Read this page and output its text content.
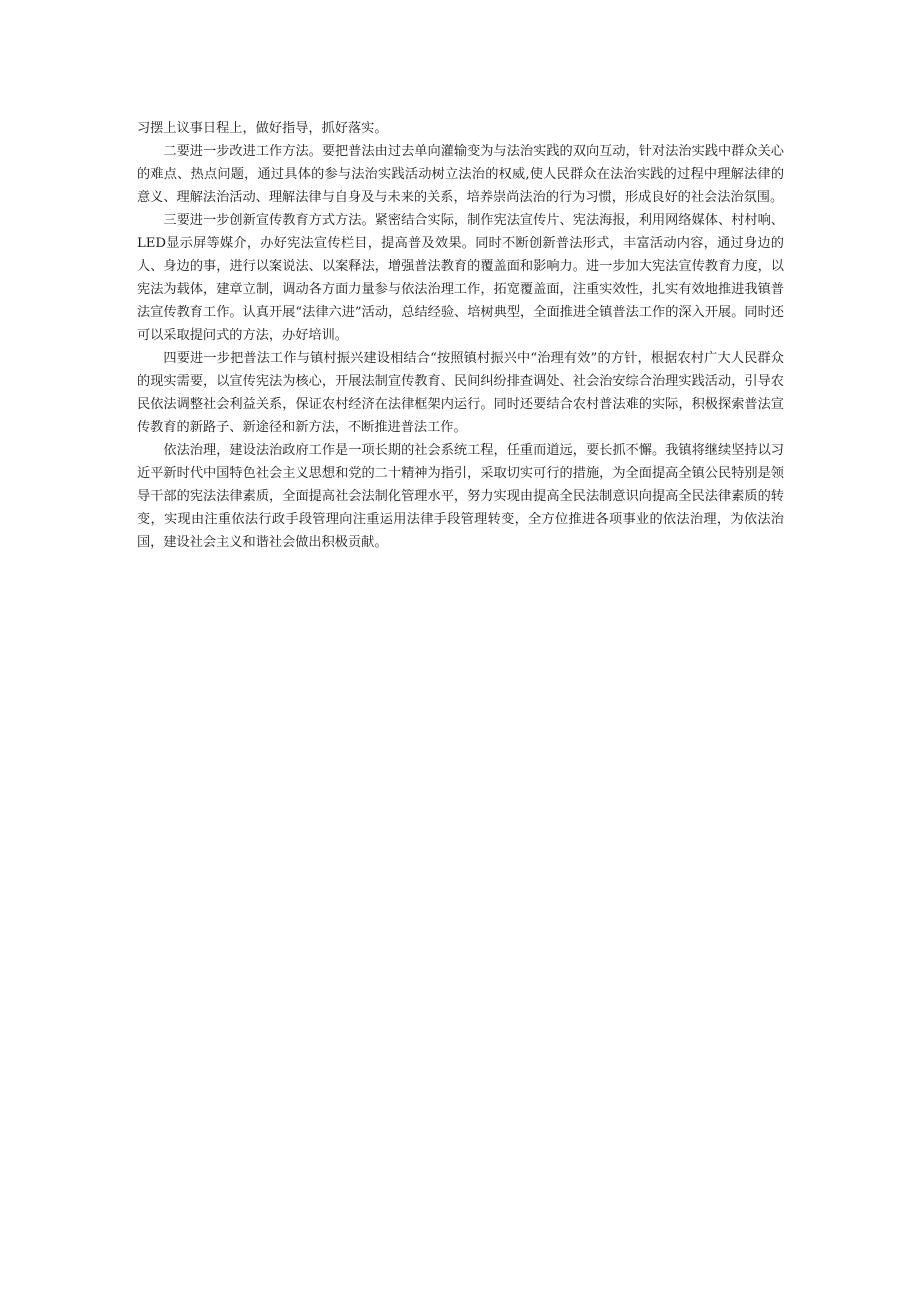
习摆上议事日程上，做好指导，抓好落实。

二要进一步改进工作方法。要把普法由过去单向灌输变为与法治实践的双向互动，针对法治实践中群众关心的难点、热点问题，通过具体的参与法治实践活动树立法治的权威,使人民群众在法治实践的过程中理解法律的意义、理解法治活动、理解法律与自身及与未来的关系，培养崇尚法治的行为习惯，形成良好的社会法治氛围。

三要进一步创新宣传教育方式方法。紧密结合实际，制作宪法宣传片、宪法海报，利用网络媒体、村村响、LED显示屏等媒介，办好宪法宣传栏目，提高普及效果。同时不断创新普法形式，丰富活动内容，通过身边的人、身边的事，进行以案说法、以案释法，增强普法教育的覆盖面和影响力。进一步加大宪法宣传教育力度，以宪法为载体，建章立制，调动各方面力量参与依法治理工作，拓宽覆盖面，注重实效性，扎实有效地推进我镇普法宣传教育工作。认真开展“法律六进”活动，总结经验、培树典型，全面推进全镇普法工作的深入开展。同时还可以采取提问式的方法，办好培训。

四要进一步把普法工作与镇村振兴建设相结合“按照镇村振兴中“治理有效”的方针，根据农村广大人民群众的现实需要，以宣传宪法为核心，开展法制宣传教育、民间纠纷排查调处、社会治安综合治理实践活动，引导农民依法调整社会利益关系，保证农村经济在法律框架内运行。同时还要结合农村普法难的实际，积极探索普法宣传教育的新路子、新途径和新方法，不断推进普法工作。

依法治理，建设法治政府工作是一项长期的社会系统工程，任重而道远，要长抓不懈。我镇将继续坚持以习近平新时代中国特色社会主义思想和党的二十精神为指引，采取切实可行的措施，为全面提高全镇公民特别是领导干部的宪法法律素质，全面提高社会法制化管理水平，努力实现由提高全民法制意识向提高全民法律素质的转变，实现由注重依法行政手段管理向注重运用法律手段管理转变，全方位推进各项事业的依法治理，为依法治国，建设社会主义和谐社会做出积极贡献。
